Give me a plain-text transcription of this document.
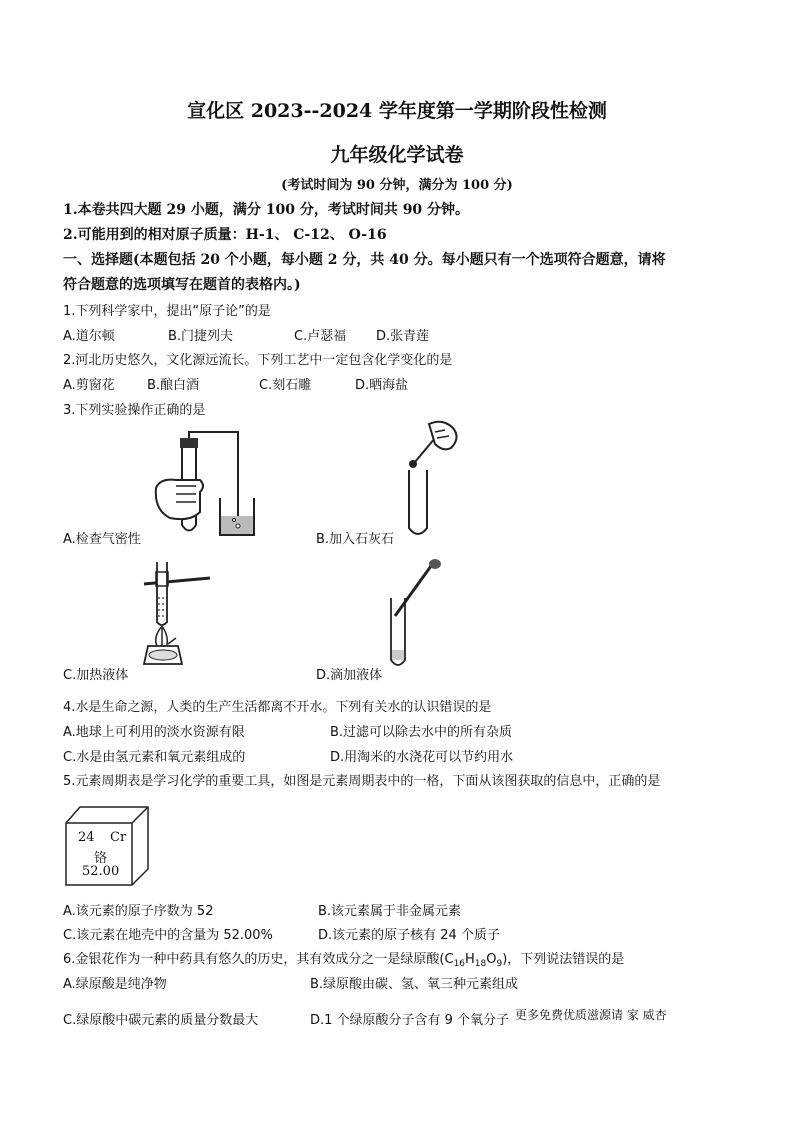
宣化区 2023--2024 学年度第一学期阶段性检测
九年级化学试卷
(考试时间为 90 分钟，满分为 100 分)
1.本卷共四大题 29 小题，满分 100 分，考试时间共 90 分钟。
2.可能用到的相对原子质量：H-1、 C-12、 O-16
一、选择题(本题包括 20 个小题，每小题 2 分，共 40 分。每小题只有一个选项符合题意，请将
符合题意的选项填写在题首的表格内。)
1.下列科学家中，提出“原子论”的是
A.道尔顿	B.门捷列夫	C.卢瑟福 D.张青莲
2.河北历史悠久，文化源远流长。下列工艺中一定包含化学变化的是
A.剪窗花 B.酿白酒	C.刻石雕	D.晒海盐
3.下列实验操作正确的是
A.检查气密性	B.加入石灰石
C.加热液体	D.滴加液体
4.水是生命之源，人类的生产生活都离不开水。下列有关水的认识错误的是
A.地球上可利用的淡水资源有限	B.过滤可以除去水中的所有杂质
C.水是由氢元素和氧元素组成的	D.用淘米的水浇花可以节约用水
5.元素周期表是学习化学的重要工具，如图是元素周期表中的一格，下面从该图获取的信息中，正确的是
24 Cr
铬
52.00
A.该元素的原子序数为 52	B.该元素属于非金属元素
C.该元素在地壳中的含量为 52.00%	D.该元素的原子核有 24 个质子
6.金银花作为一种中药具有悠久的历史，其有效成分之一是绿原酸$(C_{16}H_{18}O_9)$，下列说法错误的是
A.绿原酸是纯净物	B.绿原酸由碳、氢、氧三种元素组成
C.绿原酸中碳元素的质量分数最大	D.1 个绿原酸分子含有 9 个氧分子 更多免费优质滋源请 家 威杏
